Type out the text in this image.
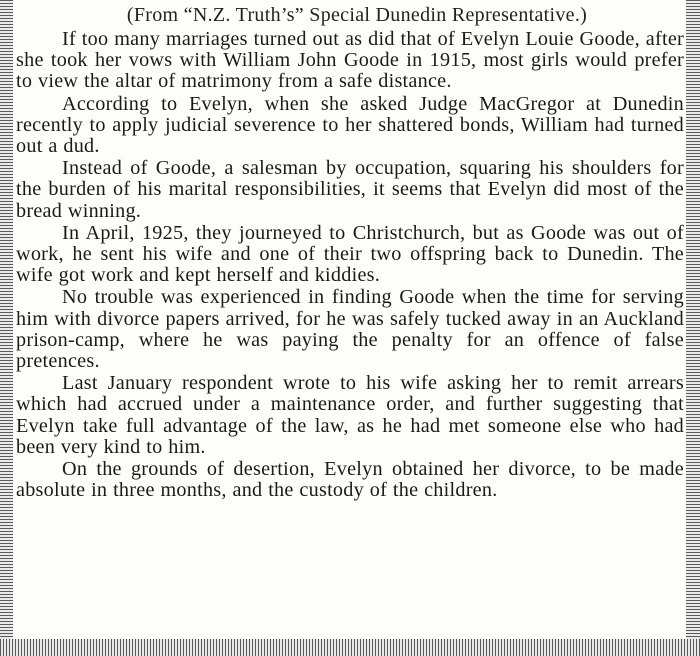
(From “N.Z. Truth’s” Special Dunedin Representative.)

If too many marriages turned out as did that of Evelyn Louie Goode, after she took her vows with William John Goode in 1915, most girls would prefer to view the altar of matrimony from a safe distance.

According to Evelyn, when she asked Judge MacGregor at Dunedin recently to apply judicial severence to her shattered bonds, William had turned out a dud.

Instead of Goode, a salesman by occupation, squaring his shoulders for the burden of his marital responsibilities, it seems that Evelyn did most of the bread winning.

In April, 1925, they journeyed to Christchurch, but as Goode was out of work, he sent his wife and one of their two offspring back to Dunedin. The wife got work and kept herself and kiddies.

No trouble was experienced in finding Goode when the time for serving him with divorce papers arrived, for he was safely tucked away in an Auckland prison-camp, where he was paying the penalty for an offence of false pretences.

Last January respondent wrote to his wife asking her to remit arrears which had accrued under a maintenance order, and further suggesting that Evelyn take full advantage of the law, as he had met someone else who had been very kind to him.

On the grounds of desertion, Evelyn obtained her divorce, to be made absolute in three months, and the custody of the children.
